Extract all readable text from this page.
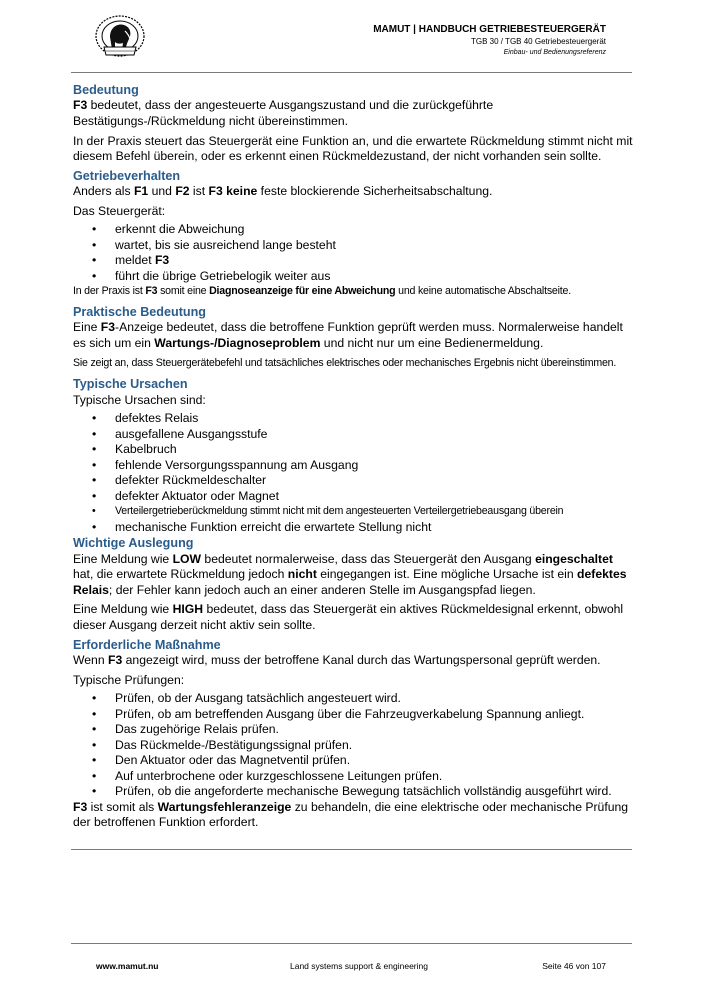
MAMUT | HANDBUCH GETRIEBESTEUERGERÄT
TGB 30 / TGB 40 Getriebesteuergerät
Einbau- und Bedienungsreferenz
Bedeutung

F3 bedeutet, dass der angesteuerte Ausgangszustand und die zurückgeführte Bestätigungs-/Rückmeldung nicht übereinstimmen.

In der Praxis steuert das Steuergerät eine Funktion an, und die erwartete Rückmeldung stimmt nicht mit diesem Befehl überein, oder es erkennt einen Rückmeldezustand, der nicht vorhanden sein sollte.

Getriebeverhalten

Anders als F1 und F2 ist F3 keine feste blockierende Sicherheitsabschaltung.

Das Steuergerät:

• erkennt die Abweichung
• wartet, bis sie ausreichend lange besteht
• meldet F3
• führt die übrige Getriebelogik weiter aus

In der Praxis ist F3 somit eine Diagnoseanzeige für eine Abweichung und keine automatische Abschaltseite.

Praktische Bedeutung

Eine F3-Anzeige bedeutet, dass die betroffene Funktion geprüft werden muss. Normalerweise handelt es sich um ein Wartungs-/Diagnoseproblem und nicht nur um eine Bedienermeldung.

Sie zeigt an, dass Steuergerätebefehl und tatsächliches elektrisches oder mechanisches Ergebnis nicht übereinstimmen.

Typische Ursachen

Typische Ursachen sind:

• defektes Relais
• ausgefallene Ausgangsstufe
• Kabelbruch
• fehlende Versorgungsspannung am Ausgang
• defekter Rückmeldeschalter
• defekter Aktuator oder Magnet
• Verteilergetrieberückmeldung stimmt nicht mit dem angesteuerten Verteilergetriebeausgang überein
• mechanische Funktion erreicht die erwartete Stellung nicht
Wichtige Auslegung

Eine Meldung wie LOW bedeutet normalerweise, dass das Steuergerät den Ausgang eingeschaltet hat, die erwartete Rückmeldung jedoch nicht eingegangen ist. Eine mögliche Ursache ist ein defektes Relais; der Fehler kann jedoch auch an einer anderen Stelle im Ausgangspfad liegen.

Eine Meldung wie HIGH bedeutet, dass das Steuergerät ein aktives Rückmeldesignal erkennt, obwohl dieser Ausgang derzeit nicht aktiv sein sollte.

Erforderliche Maßnahme

Wenn F3 angezeigt wird, muss der betroffene Kanal durch das Wartungspersonal geprüft werden.

Typische Prüfungen:

• Prüfen, ob der Ausgang tatsächlich angesteuert wird.
• Prüfen, ob am betreffenden Ausgang über die Fahrzeugverkabelung Spannung anliegt.
• Das zugehörige Relais prüfen.
• Das Rückmelde-/Bestätigungssignal prüfen.
• Den Aktuator oder das Magnetventil prüfen.
• Auf unterbrochene oder kurzgeschlossene Leitungen prüfen.
• Prüfen, ob die angeforderte mechanische Bewegung tatsächlich vollständig ausgeführt wird.

F3 ist somit als Wartungsfehleranzeige zu behandeln, die eine elektrische oder mechanische Prüfung der betroffenen Funktion erfordert.

www.mamut.nu	Land systems support & engineering	Seite 46 von 107
